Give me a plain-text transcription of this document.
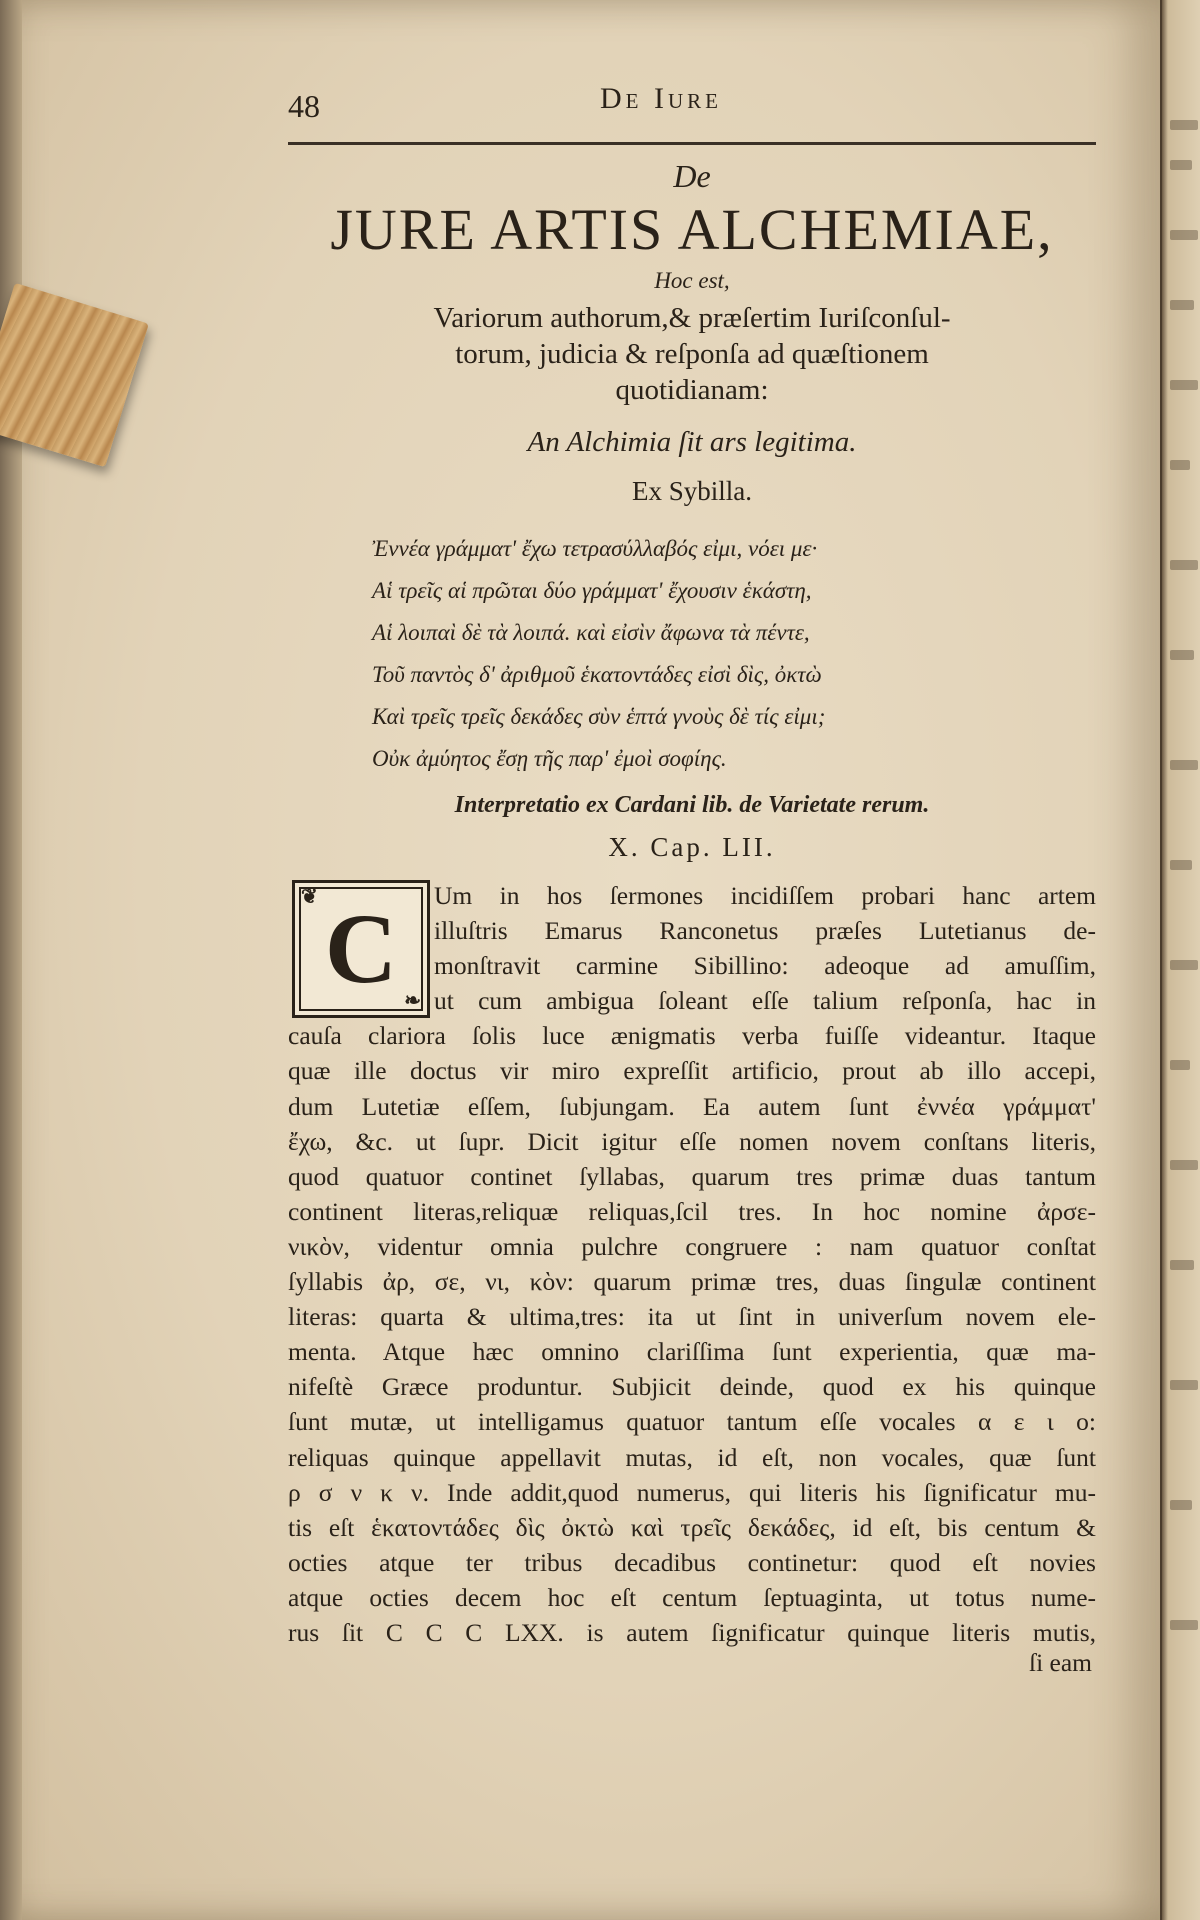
48	De Iure
De
JURE ARTIS ALCHEMIAE,
Hoc est,
Variorum authorum,& præſertim Iuriſconſul-
torum, judicia & reſponſa ad quæſtionem
quotidianam:
An Alchimia ſit ars legitima.
Ex Sybilla.
Ἐννέα γράμματ' ἔχω τετρασύλλαβός εἰμι, νόει με·
Αἱ τρεῖς αἱ πρῶται δύο γράμματ' ἔχουσιν ἑκάστη,
Αἱ λοιπαὶ δὲ τὰ λοιπά. καὶ εἰσὶν ἄφωνα τὰ πέντε,
Τοῦ παντὸς δ' ἀριθμοῦ ἑκατοντάδες εἰσὶ δὶς, ὀκτὼ
Καὶ τρεῖς τρεῖς δεκάδες σὺν ἑπτά γνοὺς δὲ τίς εἰμι;
Οὐκ ἀμύητος ἔσῃ τῆς παρ' ἐμοὶ σοφίης.
Interpretatio ex Cardani lib. de Varietate rerum.
X. Cap. LII.
❦
❧
C	Um in hos ſermones incidiſſem probari hanc artem
illuſtris Emarus Ranconetus præſes Lutetianus de-
monſtravit carmine Sibillino: adeoque ad amuſſim,
ut cum ambigua ſoleant eſſe talium reſponſa, hac in
cauſa clariora ſolis luce ænigmatis verba fuiſſe videantur. Itaque
quæ ille doctus vir miro expreſſit artificio, prout ab illo accepi,
dum Lutetiæ eſſem, ſubjungam. Ea autem ſunt ἐννέα γράμματ'
ἔχω, &c. ut ſupr. Dicit igitur eſſe nomen novem conſtans literis,
quod quatuor continet ſyllabas, quarum tres primæ duas tantum
continent literas,reliquæ reliquas,ſcil tres. In hoc nomine ἀρσε-
νικὸν, videntur omnia pulchre congruere : nam quatuor conſtat
ſyllabis ἀρ, σε, νι, κὸν: quarum primæ tres, duas ſingulæ continent
literas: quarta & ultima,tres: ita ut ſint in univerſum novem ele-
menta. Atque hæc omnino clariſſima ſunt experientia, quæ ma-
nifeſtè Græce produntur. Subjicit deinde, quod ex his quinque
ſunt mutæ, ut intelligamus quatuor tantum eſſe vocales α ε ι ο:
reliquas quinque appellavit mutas, id eſt, non vocales, quæ ſunt
ρ σ ν κ ν. Inde addit,quod numerus, qui literis his ſignificatur mu-
tis eſt ἑκατοντάδες δὶς ὀκτὼ καὶ τρεῖς δεκάδες, id eſt, bis centum &
octies atque ter tribus decadibus continetur: quod eſt novies
atque octies decem hoc eſt centum ſeptuaginta, ut totus nume-
rus ſit C C C LXX. is autem ſignificatur quinque literis mutis,
ſi eam
